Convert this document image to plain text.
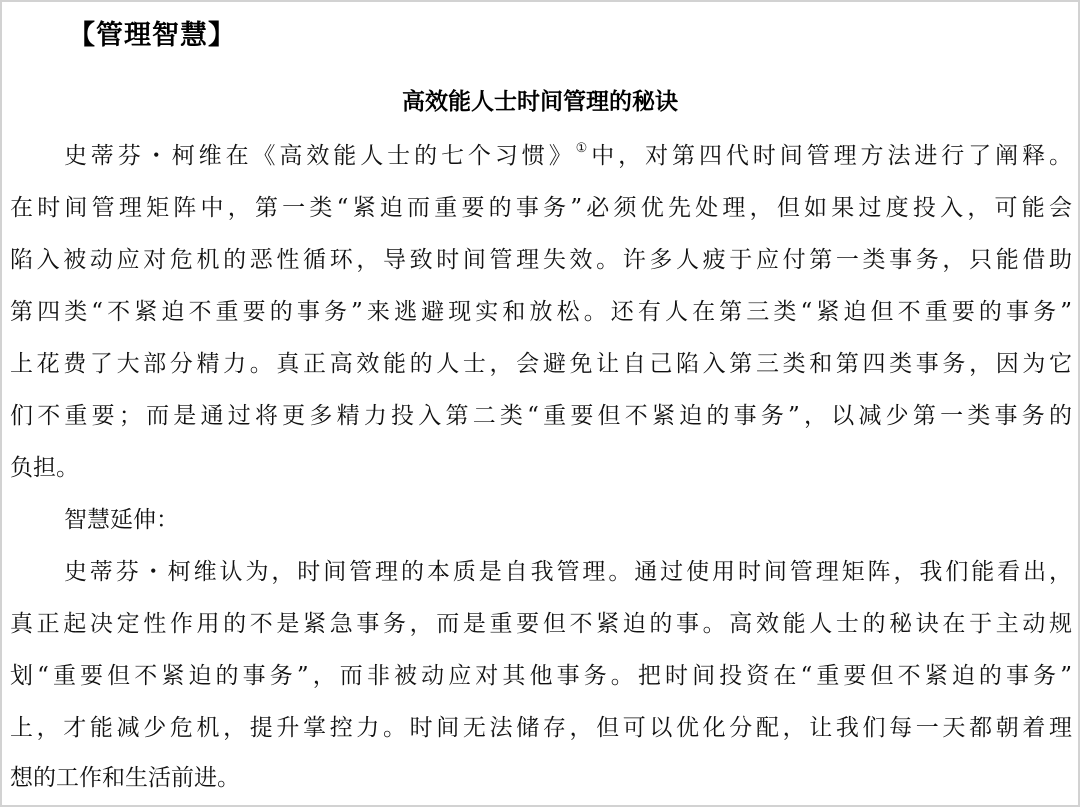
【管理智慧】
高效能人士时间管理的秘诀
史蒂芬・柯维在《高效能人士的七个习惯》①中，对第四代时间管理方法进行了阐释。
在时间管理矩阵中，第一类“紧迫而重要的事务”必须优先处理，但如果过度投入，可能会
陷入被动应对危机的恶性循环，导致时间管理失效。许多人疲于应付第一类事务，只能借助
第四类“不紧迫不重要的事务”来逃避现实和放松。还有人在第三类“紧迫但不重要的事务”
上花费了大部分精力。真正高效能的人士，会避免让自己陷入第三类和第四类事务，因为它
们不重要；而是通过将更多精力投入第二类“重要但不紧迫的事务”，以减少第一类事务的
负担。
智慧延伸：
史蒂芬・柯维认为，时间管理的本质是自我管理。通过使用时间管理矩阵，我们能看出，
真正起决定性作用的不是紧急事务，而是重要但不紧迫的事。高效能人士的秘诀在于主动规
划“重要但不紧迫的事务”，而非被动应对其他事务。把时间投资在“重要但不紧迫的事务”
上，才能减少危机，提升掌控力。时间无法储存，但可以优化分配，让我们每一天都朝着理
想的工作和生活前进。
